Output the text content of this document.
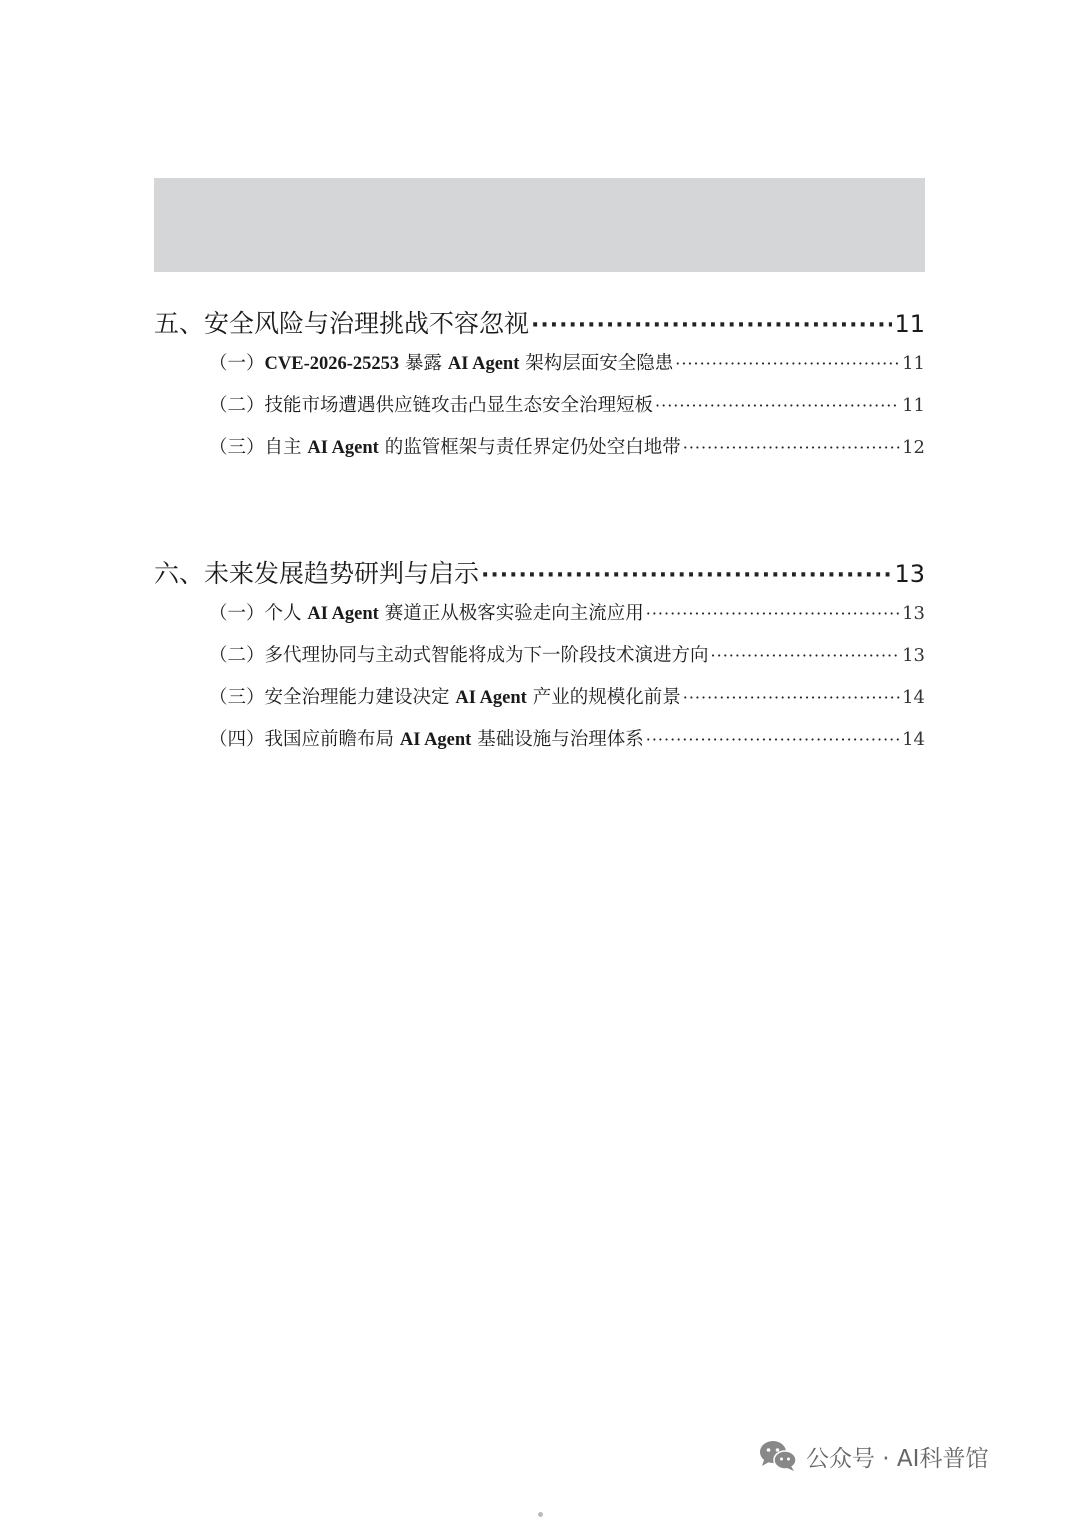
五、安全风险与治理挑战不容忽视 ·····	11
（一）CVE-2026-25253 暴露 AI Agent 架构层面安全隐患 ·····	11
（二）技能市场遭遇供应链攻击凸显生态安全治理短板 ·····	11
（三）自主 AI Agent 的监管框架与责任界定仍处空白地带 ·····	12
六、未来发展趋势研判与启示 ·····	13
（一）个人 AI Agent 赛道正从极客实验走向主流应用 ·····	13
（二）多代理协同与主动式智能将成为下一阶段技术演进方向 ·····	13
（三）安全治理能力建设决定 AI Agent 产业的规模化前景 ·····	14
（四）我国应前瞻布局 AI Agent 基础设施与治理体系 ·····	14
公众号 · AI科普馆
